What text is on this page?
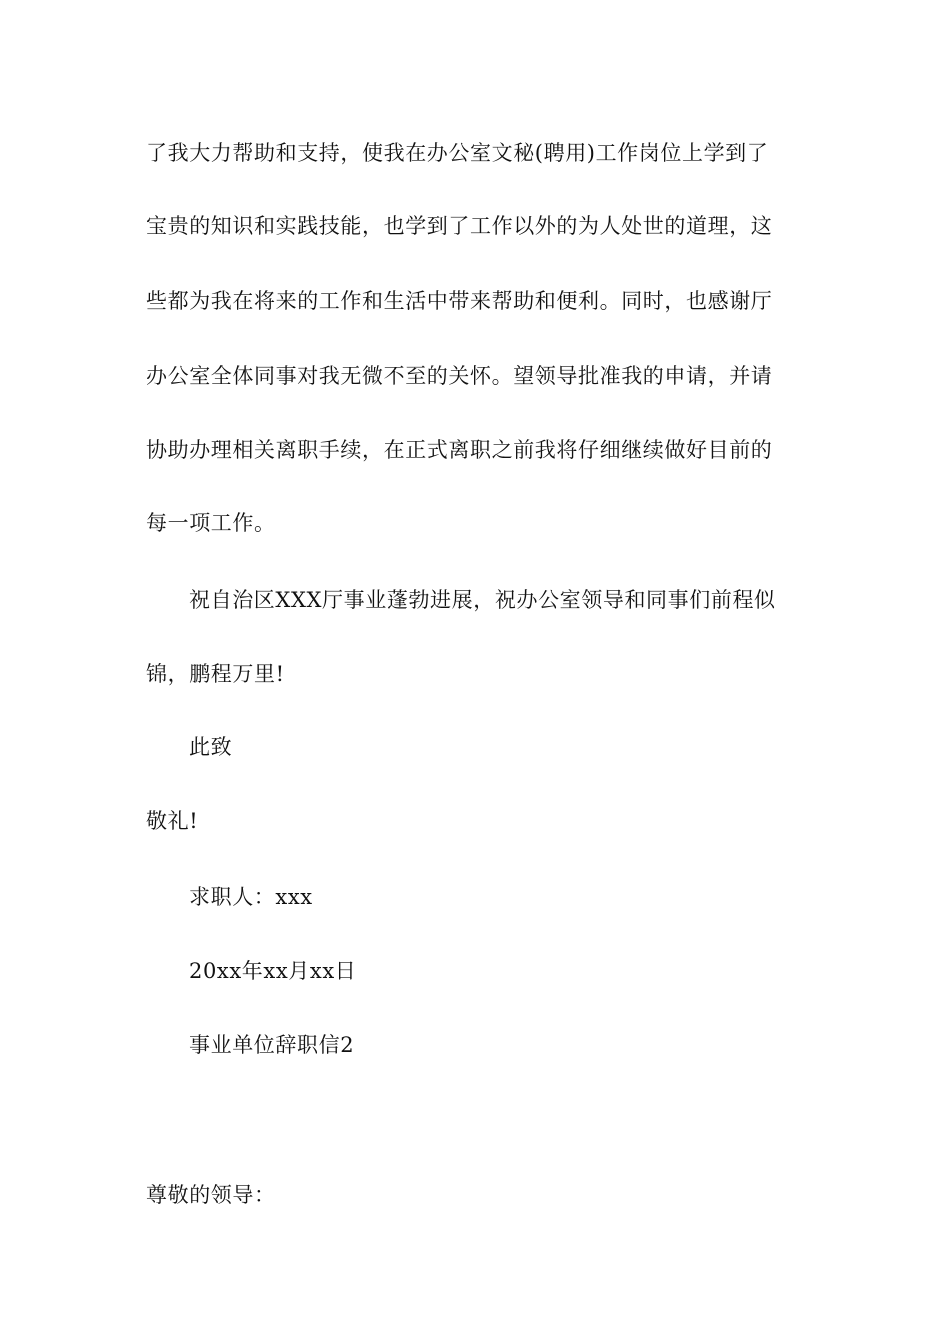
了我大力帮助和支持，使我在办公室文秘(聘用)工作岗位上学到了
宝贵的知识和实践技能，也学到了工作以外的为人处世的道理，这
些都为我在将来的工作和生活中带来帮助和便利。同时，也感谢厅
办公室全体同事对我无微不至的关怀。望领导批准我的申请，并请
协助办理相关离职手续，在正式离职之前我将仔细继续做好目前的
每一项工作。
祝自治区XXX厅事业蓬勃进展，祝办公室领导和同事们前程似
锦，鹏程万里!
此致
敬礼!
求职人：xxx
20xx年xx月xx日
事业单位辞职信2
尊敬的领导：
